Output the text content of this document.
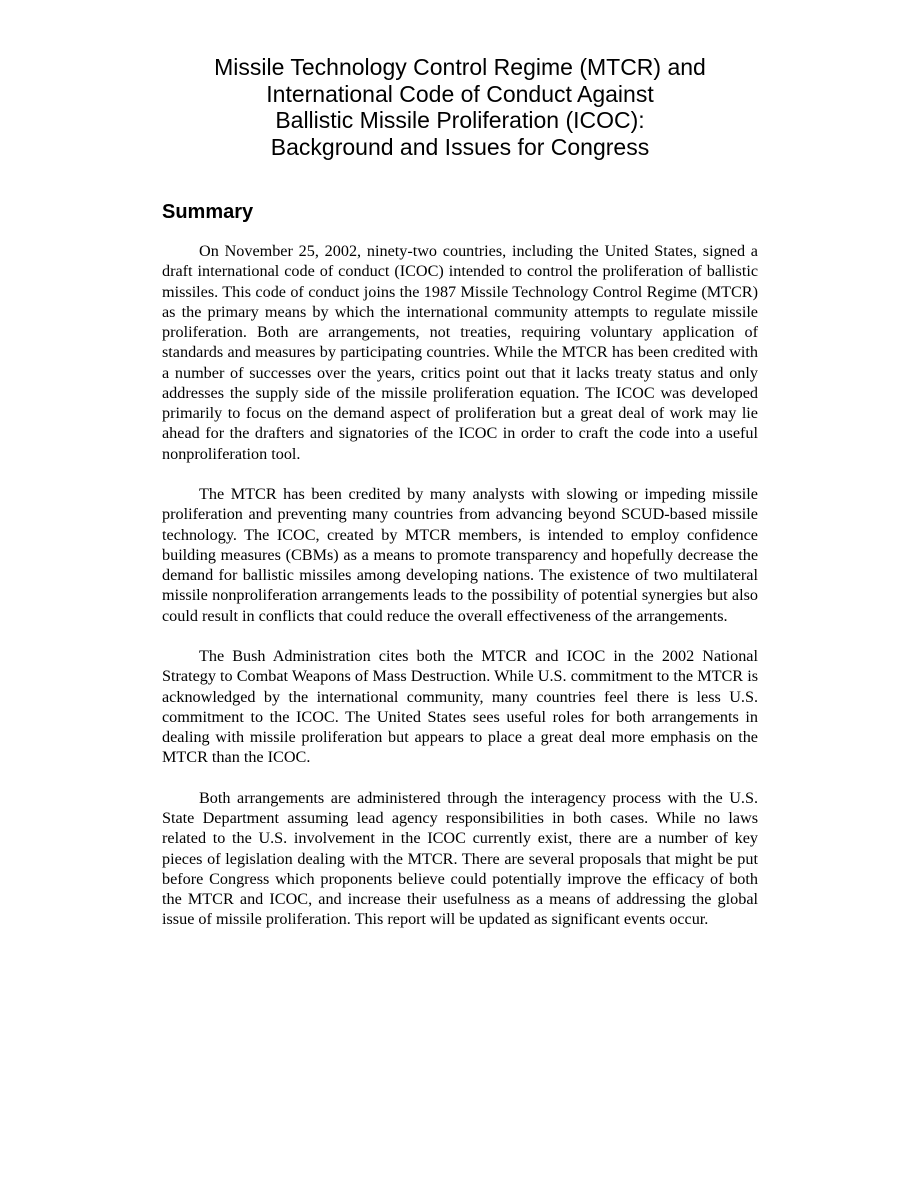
Missile Technology Control Regime (MTCR) and
International Code of Conduct Against
Ballistic Missile Proliferation (ICOC):
Background and Issues for Congress
Summary

On November 25, 2002, ninety-two countries, including the United States, signed a draft international code of conduct (ICOC) intended to control the proliferation of ballistic missiles. This code of conduct joins the 1987 Missile Technology Control Regime (MTCR) as the primary means by which the international community attempts to regulate missile proliferation. Both are arrangements, not treaties, requiring voluntary application of standards and measures by participating countries. While the MTCR has been credited with a number of successes over the years, critics point out that it lacks treaty status and only addresses the supply side of the missile proliferation equation. The ICOC was developed primarily to focus on the demand aspect of proliferation but a great deal of work may lie ahead for the drafters and signatories of the ICOC in order to craft the code into a useful nonproliferation tool.

The MTCR has been credited by many analysts with slowing or impeding missile proliferation and preventing many countries from advancing beyond SCUD-based missile technology. The ICOC, created by MTCR members, is intended to employ confidence building measures (CBMs) as a means to promote transparency and hopefully decrease the demand for ballistic missiles among developing nations. The existence of two multilateral missile nonproliferation arrangements leads to the possibility of potential synergies but also could result in conflicts that could reduce the overall effectiveness of the arrangements.

The Bush Administration cites both the MTCR and ICOC in the 2002 National Strategy to Combat Weapons of Mass Destruction. While U.S. commitment to the MTCR is acknowledged by the international community, many countries feel there is less U.S. commitment to the ICOC. The United States sees useful roles for both arrangements in dealing with missile proliferation but appears to place a great deal more emphasis on the MTCR than the ICOC.

Both arrangements are administered through the interagency process with the U.S. State Department assuming lead agency responsibilities in both cases. While no laws related to the U.S. involvement in the ICOC currently exist, there are a number of key pieces of legislation dealing with the MTCR. There are several proposals that might be put before Congress which proponents believe could potentially improve the efficacy of both the MTCR and ICOC, and increase their usefulness as a means of addressing the global issue of missile proliferation. This report will be updated as significant events occur.
